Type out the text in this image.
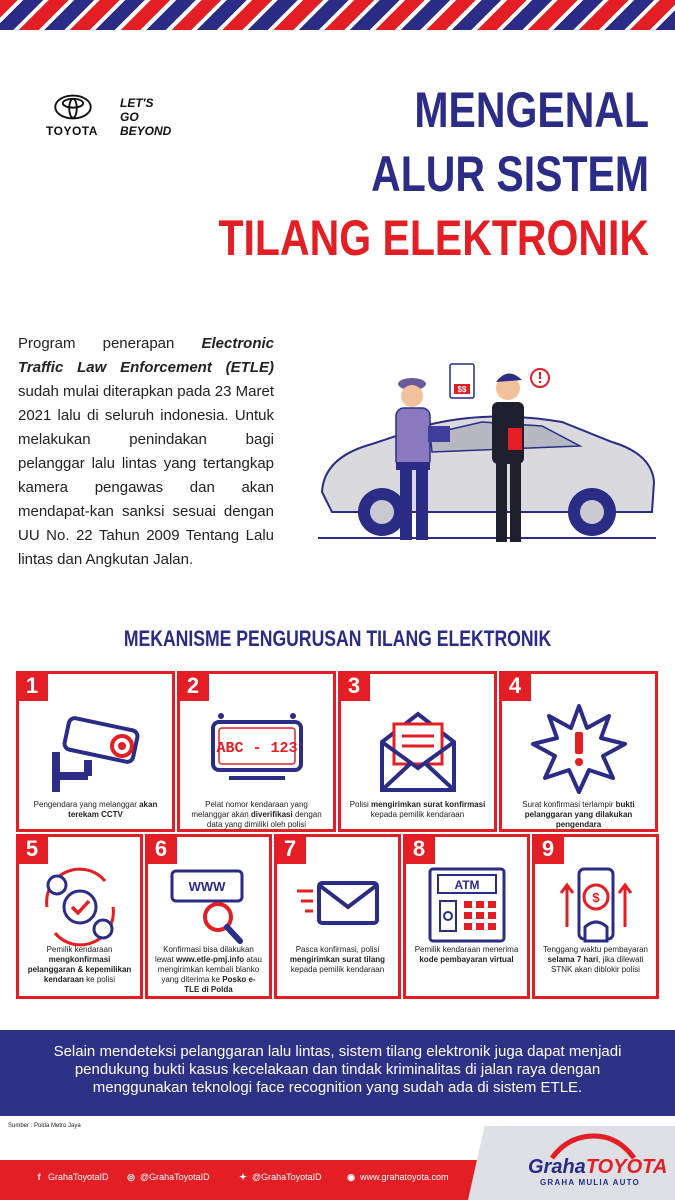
TOYOTA
LET'S
GO
BEYOND	MENGENAL
ALUR SISTEM
TILANG ELEKTRONIK

Program penerapan Electronic Traffic Law Enforcement (ETLE) sudah mulai diterapkan pada 23 Maret 2021 lalu di seluruh indonesia. Untuk melakukan penindakan bagi pelanggar lalu lintas yang tertangkap kamera pengawas dan akan mendapat-kan sanksi sesuai dengan UU No. 22 Tahun 2009 Tentang Lalu lintas dan Angkutan Jalan.

$$
MEKANISME PENGURUSAN TILANG ELEKTRONIK
1
Pengendara yang melanggar akan terekam CCTV
2
ABC - 123
Pelat nomor kendaraan yang melanggar akan diverifikasi dengan data yang dimiliki oleh polisi
3
Polisi mengirimkan surat konfirmasi kepada pemilik kendaraan
4
Surat konfirmasi terlampir bukti pelanggaran yang dilakukan pengendara
5
Pemilik kendaraan mengkonfirmasi pelanggaran & kepemilikan kendaraan ke polisi
6
WWW
Konfirmasi bisa dilakukan lewat www.etle-pmj.info atau mengirimkan kembali blanko yang diterima ke Posko e-TLE di Polda
7
Pasca konfirmasi, polisi mengirimkan surat tilang kepada pemilik kendaraan
8
ATM
Pemilik kendaraan menerima kode pembayaran virtual
9
$
Tenggang waktu pembayaran selama 7 hari, jika dilewati STNK akan diblokir polisi
Selain mendeteksi pelanggaran lalu lintas, sistem tilang elektronik juga dapat menjadi pendukung bukti kasus kecelakaan dan tindak kriminalitas di jalan raya dengan menggunakan teknologi face recognition yang sudah ada di sistem ETLE.
Sumber : Polda Metro Jaya
f GrahaToyotaID ◎ @GrahaToyotaID	✦ @GrahaToyotaID	◉ www.grahatoyota.com	GrahaTOYOTA
GRAHA MULIA AUTO
